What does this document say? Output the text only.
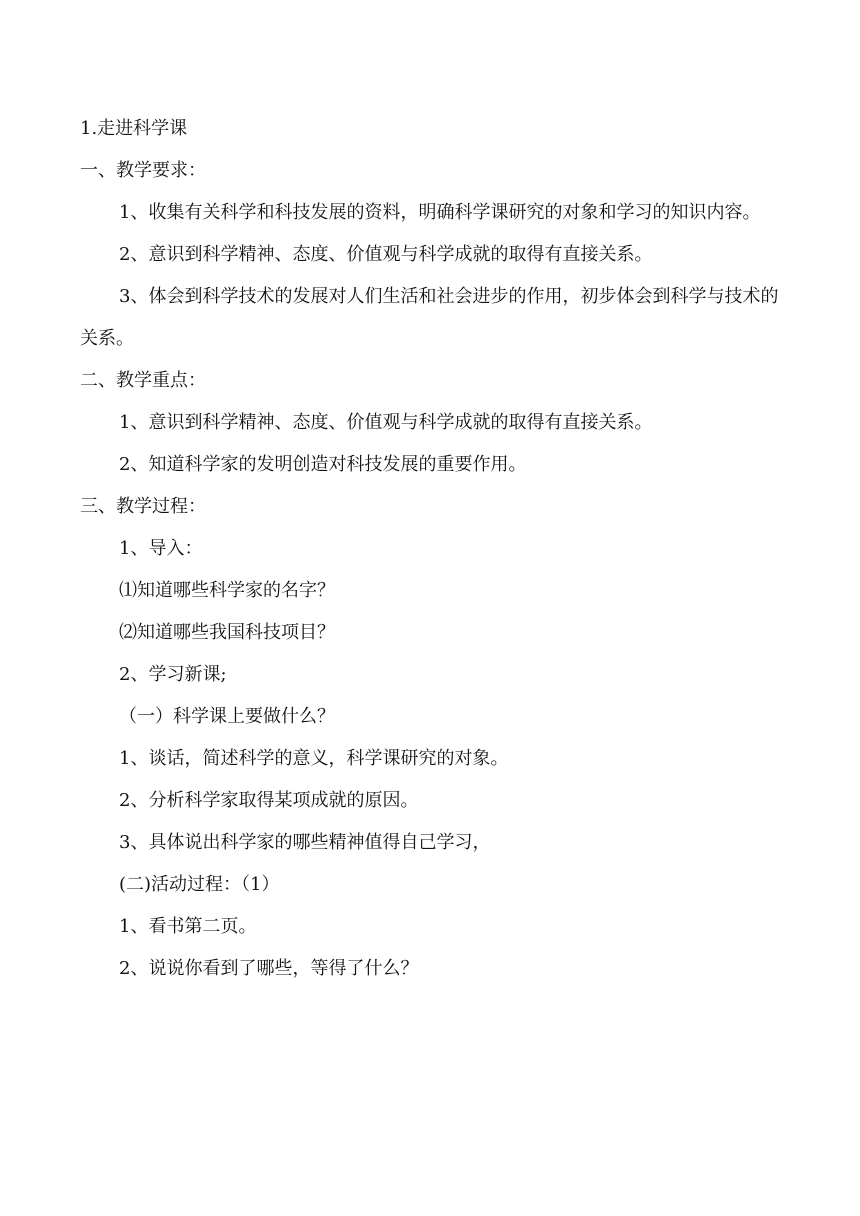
1.走进科学课

一、教学要求：

1、收集有关科学和科技发展的资料，明确科学课研究的对象和学习的知识内容。

2、意识到科学精神、态度、价值观与科学成就的取得有直接关系。

3、体会到科学技术的发展对人们生活和社会进步的作用，初步体会到科学与技术的关系。

二、教学重点：

1、意识到科学精神、态度、价值观与科学成就的取得有直接关系。

2、知道科学家的发明创造对科技发展的重要作用。

三、教学过程：

1、导入：

⑴知道哪些科学家的名字？

⑵知道哪些我国科技项目？

2、学习新课;

（一）科学课上要做什么？

1、谈话，简述科学的意义，科学课研究的对象。

2、分析科学家取得某项成就的原因。

3、具体说出科学家的哪些精神值得自己学习，

(二)活动过程：（1）

1、看书第二页。

2、说说你看到了哪些，等得了什么？
